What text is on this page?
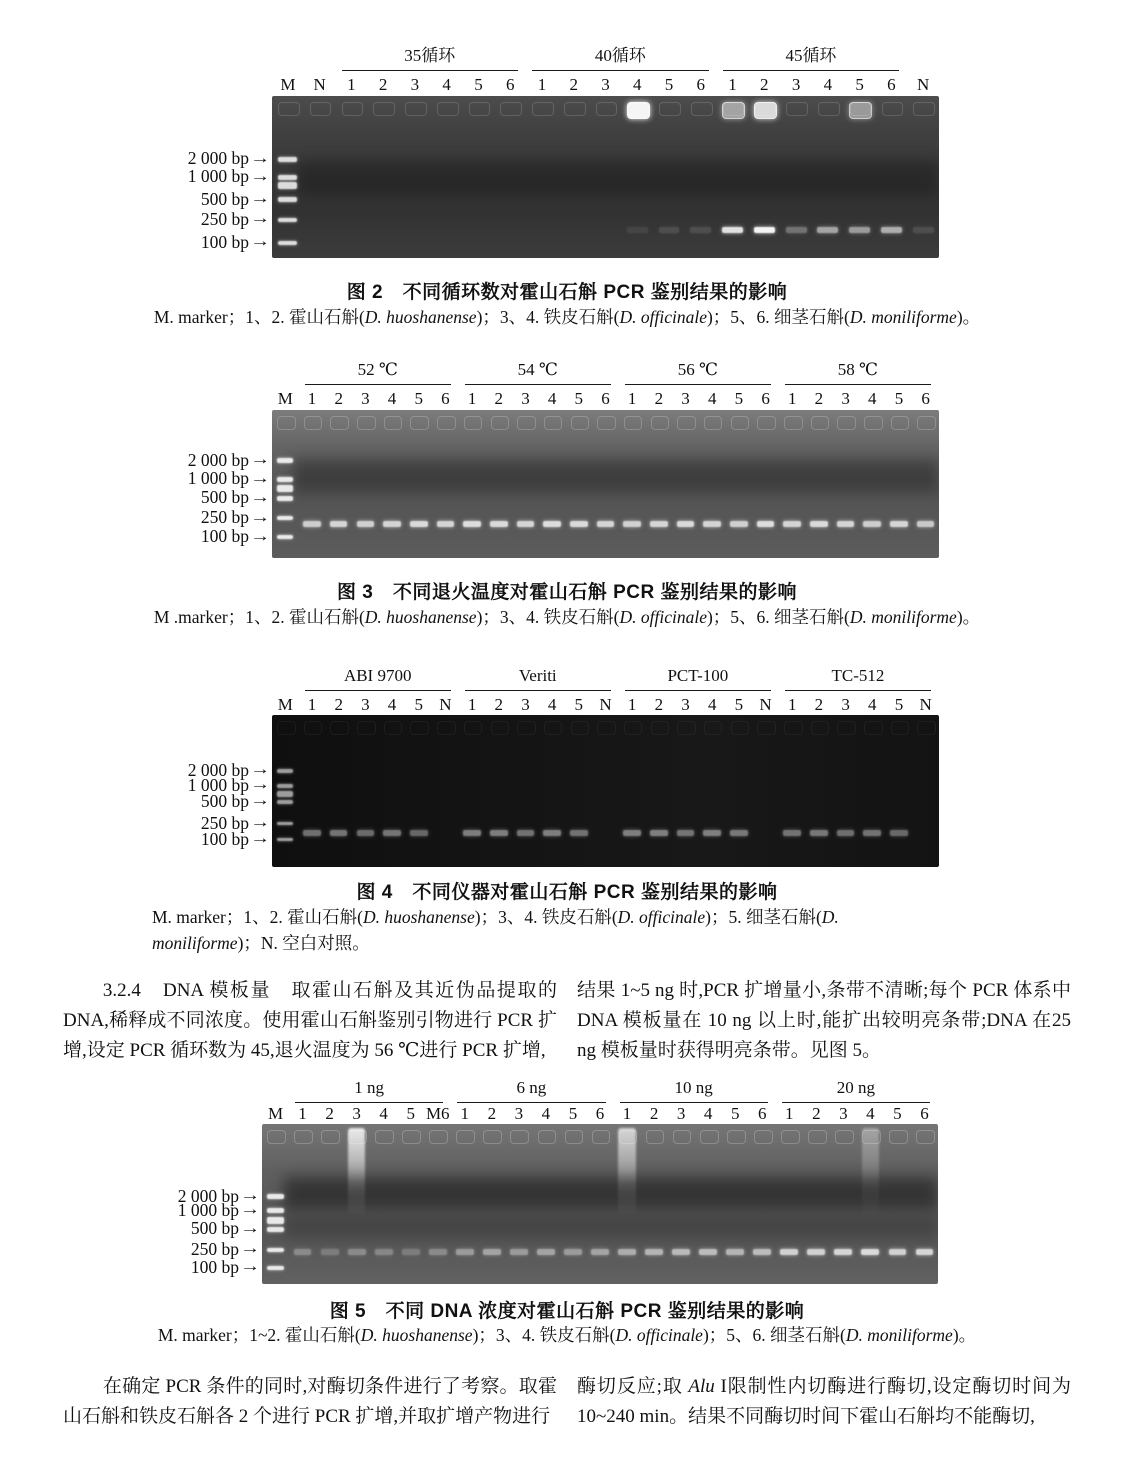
35循环	40循环	45循环
M	N	1	2	3	4	5	6	1	2	3	4	5	6	1	2	3	4	5	6	N
2 000 bp →
1 000 bp →
500 bp →
250 bp →
100 bp →
图 2　不同循环数对霍山石斛 PCR 鉴别结果的影响
M. marker；1、2. 霍山石斛(D. huoshanense)；3、4. 铁皮石斛(D. officinale)；5、6. 细茎石斛(D. moniliforme)。
52 ℃	54 ℃	56 ℃	58 ℃
M 1	2	3	4	5	6	1	2	3	4	5	6	1	2	3	4	5	6	1	2	3	4	5	6
2 000 bp →
1 000 bp →
500 bp →
250 bp →
100 bp →
图 3　不同退火温度对霍山石斛 PCR 鉴别结果的影响
M .marker；1、2. 霍山石斛(D. huoshanense)；3、4. 铁皮石斛(D. officinale)；5、6. 细茎石斛(D. moniliforme)。
ABI 9700	Veriti	PCT-100	TC-512
M 1	2	3	4	5 N 1	2	3	4	5 N 1	2	3	4	5 N 1	2	3	4	5 N
2 000 bp →
1 000 bp →
500 bp →
250 bp →
100 bp →
图 4　不同仪器对霍山石斛 PCR 鉴别结果的影响
M. marker；1、2. 霍山石斛(D. huoshanense)；3、4. 铁皮石斛(D. officinale)；5. 细茎石斛(D.
moniliforme)；N. 空白对照。
1 ng	6 ng	10 ng	20 ng
M 1	2	3	4	5 M6 1	2	3	4	5	6	1	2	3	4	5	6	1	2	3	4	5	6
2 000 bp →
1 000 bp →
500 bp →
250 bp →
100 bp →
图 5　不同 DNA 浓度对霍山石斛 PCR 鉴别结果的影响
M. marker；1~2. 霍山石斛(D. huoshanense)；3、4. 铁皮石斛(D. officinale)；5、6. 细茎石斛(D. moniliforme)。
3.2.4　DNA 模板量　取霍山石斛及其近伪品提取的DNA,稀释成不同浓度。使用霍山石斛鉴别引物进行 PCR 扩增,设定 PCR 循环数为 45,退火温度为 56 ℃进行 PCR 扩增,
结果 1~5 ng 时,PCR 扩增量小,条带不清晰;每个 PCR 体系中 DNA 模板量在 10 ng 以上时,能扩出较明亮条带;DNA 在25 ng 模板量时获得明亮条带。见图 5。
在确定 PCR 条件的同时,对酶切条件进行了考察。取霍山石斛和铁皮石斛各 2 个进行 PCR 扩增,并取扩增产物进行
酶切反应;取 Alu I限制性内切酶进行酶切,设定酶切时间为10~240 min。结果不同酶切时间下霍山石斛均不能酶切,
